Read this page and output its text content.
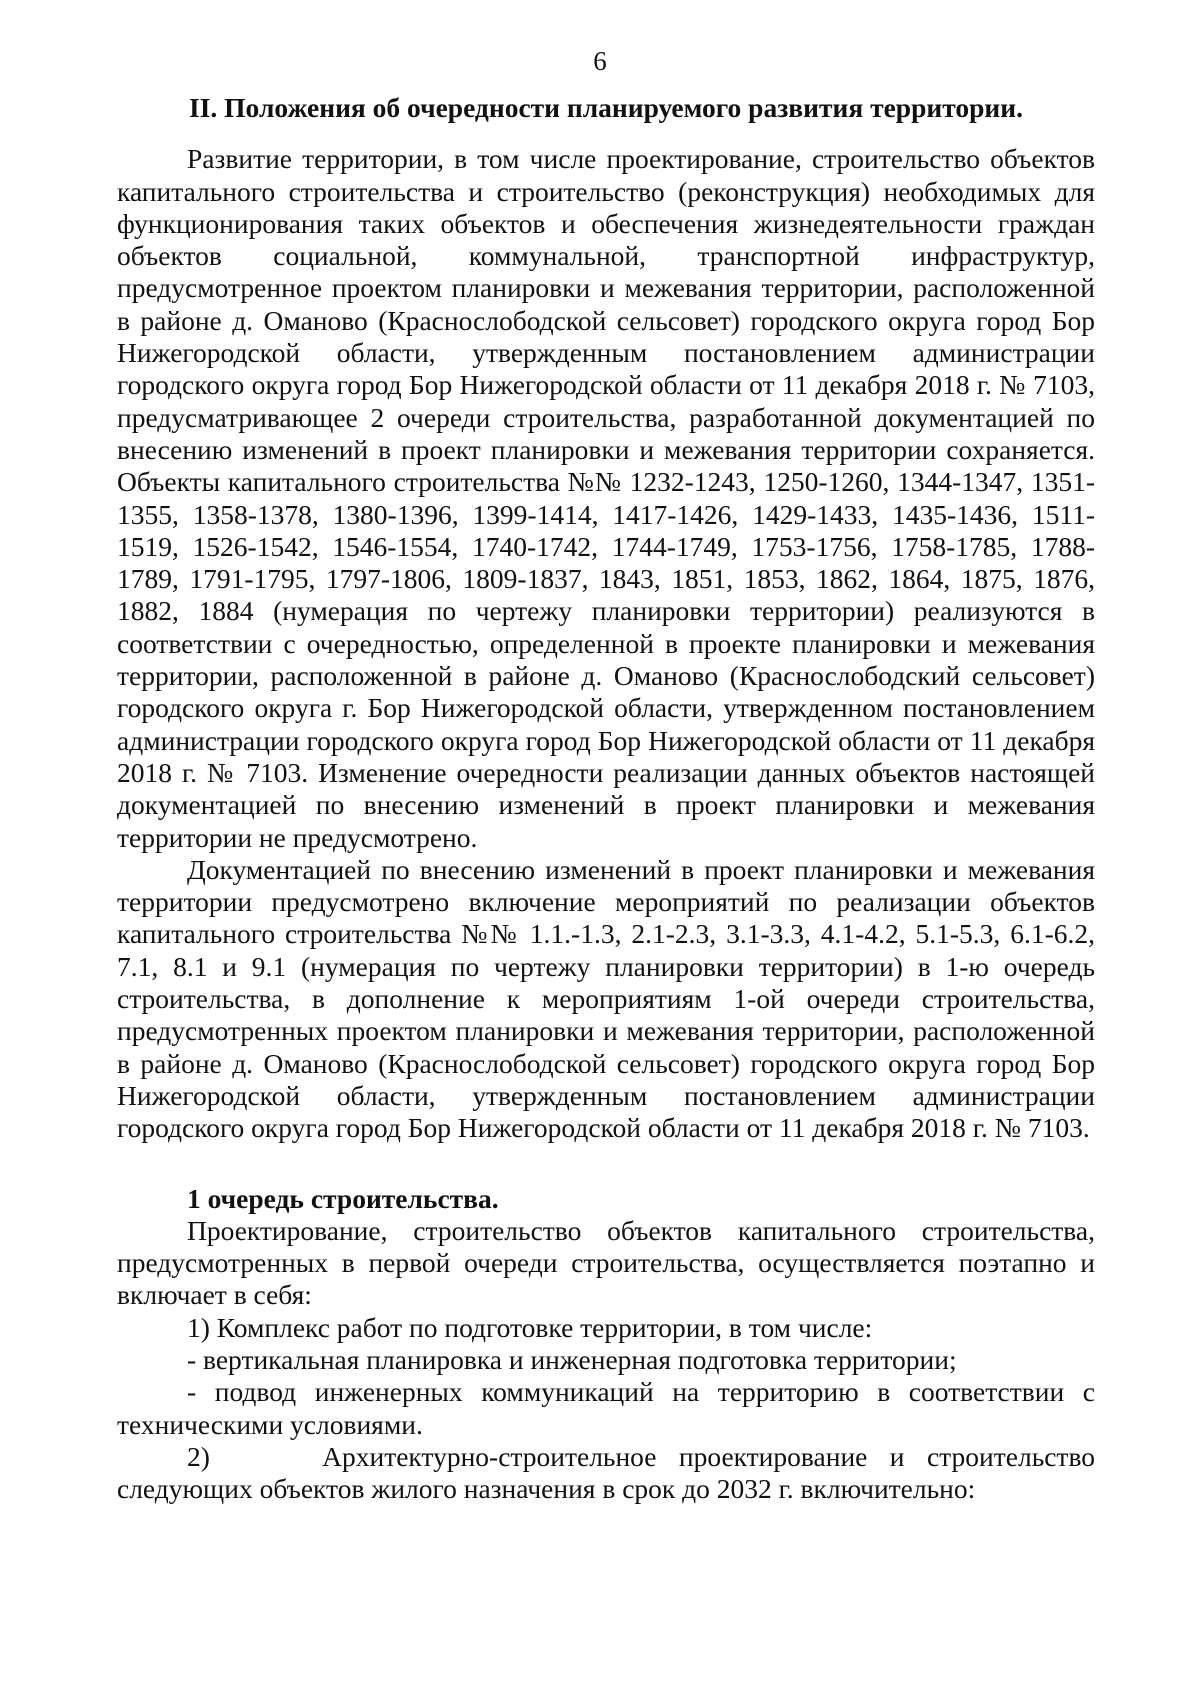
6
II. Положения об очередности планируемого развития территории.

Развитие территории, в том числе проектирование, строительство объектов капитального строительства и строительство (реконструкция) необходимых для функционирования таких объектов и обеспечения жизнедеятельности граждан объектов социальной, коммунальной, транспортной инфраструктур, предусмотренное проектом планировки и межевания территории, расположенной в районе д. Оманово (Краснослободской сельсовет) городского округа город Бор Нижегородской области, утвержденным постановлением администрации городского округа город Бор Нижегородской области от 11 декабря 2018 г. № 7103, предусматривающее 2 очереди строительства, разработанной документацией по внесению изменений в проект планировки и межевания территории сохраняется. Объекты капитального строительства №№ 1232-1243, 1250-1260, 1344-1347, 1351-1355, 1358-1378, 1380-1396, 1399-1414, 1417-1426, 1429-1433, 1435-1436, 1511-1519, 1526-1542, 1546-1554, 1740-1742, 1744-1749, 1753-1756, 1758-1785, 1788-1789, 1791-1795, 1797-1806, 1809-1837, 1843, 1851, 1853, 1862, 1864, 1875, 1876, 1882, 1884 (нумерация по чертежу планировки территории) реализуются в соответствии с очередностью, определенной в проекте планировки и межевания территории, расположенной в районе д. Оманово (Краснослободский сельсовет) городского округа г. Бор Нижегородской области, утвержденном постановлением администрации городского округа город Бор Нижегородской области от 11 декабря 2018 г. № 7103. Изменение очередности реализации данных объектов настоящей документацией по внесению изменений в проект планировки и межевания территории не предусмотрено.

Документацией по внесению изменений в проект планировки и межевания территории предусмотрено включение мероприятий по реализации объектов капитального строительства №№ 1.1.-1.3, 2.1-2.3, 3.1-3.3, 4.1-4.2, 5.1-5.3, 6.1-6.2, 7.1, 8.1 и 9.1 (нумерация по чертежу планировки территории) в 1-ю очередь строительства, в дополнение к мероприятиям 1-ой очереди строительства, предусмотренных проектом планировки и межевания территории, расположенной в районе д. Оманово (Краснослободской сельсовет) городского округа город Бор Нижегородской области, утвержденным постановлением администрации городского округа город Бор Нижегородской области от 11 декабря 2018 г. № 7103.

1 очередь строительства.

Проектирование, строительство объектов капитального строительства, предусмотренных в первой очереди строительства, осуществляется поэтапно и включает в себя:

1) Комплекс работ по подготовке территории, в том числе:

- вертикальная планировка и инженерная подготовка территории;

- подвод инженерных коммуникаций на территорию в соответствии с техническими условиями.

2)     Архитектурно-строительное проектирование и строительство следующих объектов жилого назначения в срок до 2032 г. включительно:
